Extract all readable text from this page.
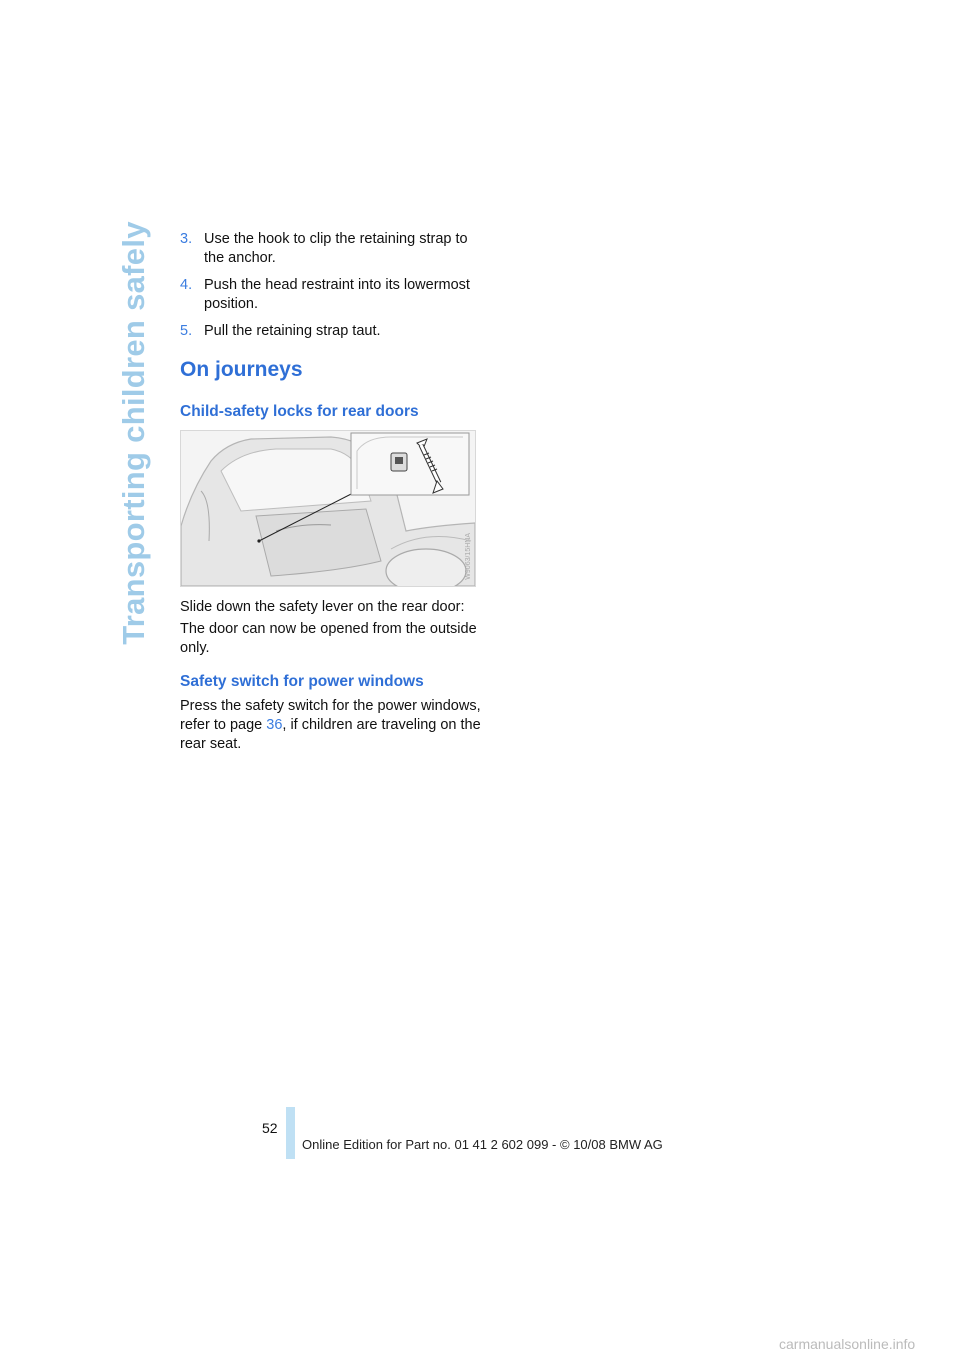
Transporting children safely 3. Use the hook to clip the retaining strap to the anchor.
4. Push the head restraint into its lowermost position.
5. Pull the retaining strap taut.
On journeys
Child-safety locks for rear doors
W9063/15HNA

Slide down the safety lever on the rear door:

The door can now be opened from the outside only.

Safety switch for power windows

Press the safety switch for the power windows, refer to page 36, if children are traveling on the rear seat.

52
Online Edition for Part no. 01 41 2 602 099 - © 10/08 BMW AG
carmanualsonline.info
